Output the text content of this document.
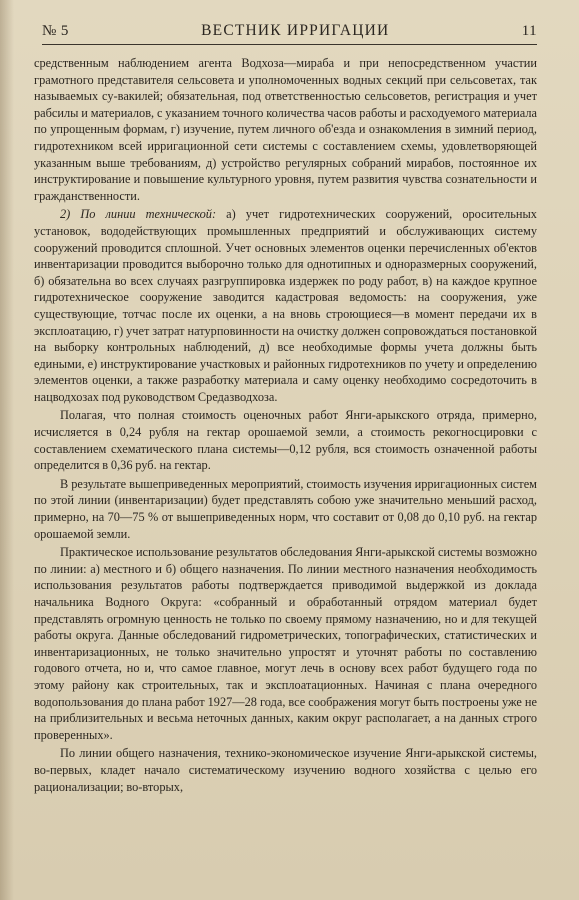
№ 5	ВЕСТНИК ИРРИГАЦИИ	11

средственным наблюдением агента Водхоза—мираба и при непосредственном участии грамотного представителя сельсовета и уполномоченных водных секций при сельсоветах, так называемых су-вакилей; обязательная, под ответственностью сельсоветов, регистрация и учет рабсилы и материалов, с указанием точного количества часов работы и расходуемого материала по упрощенным формам, г) изучение, путем личного об'езда и ознакомления в зимний период, гидротехником всей ирригационной сети системы с составлением схемы, удовлетворяющей указанным выше требованиям, д) устройство регулярных собраний мирабов, постоянное их инструктирование и повышение культурного уровня, путем развития чувства сознательности и гражданственности.

2) По линии технической: а) учет гидротехнических сооружений, оросительных установок, вододействующих промышленных предприятий и обслуживающих систему сооружений проводится сплошной. Учет основных элементов оценки перечисленных об'ектов инвентаризации проводится выборочно только для однотипных и одноразмерных сооружений, б) обязательна во всех случаях разгруппировка издержек по роду работ, в) на каждое крупное гидротехническое сооружение заводится кадастровая ведомость: на сооружения, уже существующие, тотчас после их оценки, а на вновь строющиеся—в момент передачи их в эксплоатацию, г) учет затрат натурповинности на очистку должен сопровождаться постановкой на выборку контрольных наблюдений, д) все необходимые формы учета должны быть едиными, е) инструктирование участковых и районных гидротехников по учету и определению элементов оценки, а также разработку материала и саму оценку необходимо сосредоточить в нацводхозах под руководством Средазводхоза.

Полагая, что полная стоимость оценочных работ Янги-арыкского отряда, примерно, исчисляется в 0,24 рубля на гектар орошаемой земли, а стоимость рекогносцировки с составлением схематического плана системы—0,12 рубля, вся стоимость означенной работы определится в 0,36 руб. на гектар.

В результате вышеприведенных мероприятий, стоимость изучения ирригационных систем по этой линии (инвентаризации) будет представлять собою уже значительно меньший расход, примерно, на 70—75 % от вышеприведенных норм, что составит от 0,08 до 0,10 руб. на гектар орошаемой земли.

Практическое использование результатов обследования Янги-арыкской системы возможно по линии: а) местного и б) общего назначения. По линии местного назначения необходимость использования результатов работы подтверждается приводимой выдержкой из доклада начальника Водного Округа: «собранный и обработанный отрядом материал будет представлять огромную ценность не только по своему прямому назначению, но и для текущей работы округа. Данные обследований гидрометрических, топографических, статистических и инвентаризационных, не только значительно упростят и уточнят работы по составлению годового отчета, но и, что самое главное, могут лечь в основу всех работ будущего года по этому району как строительных, так и эксплоатационных. Начиная с плана очередного водопользования до плана работ 1927—28 года, все соображения могут быть построены уже не на приблизительных и весьма неточных данных, каким округ располагает, а на данных строго проверенных».

По линии общего назначения, технико-экономическое изучение Янги-арыкской системы, во-первых, кладет начало систематическому изучению водного хозяйства с целью его рационализации; во-вторых,
